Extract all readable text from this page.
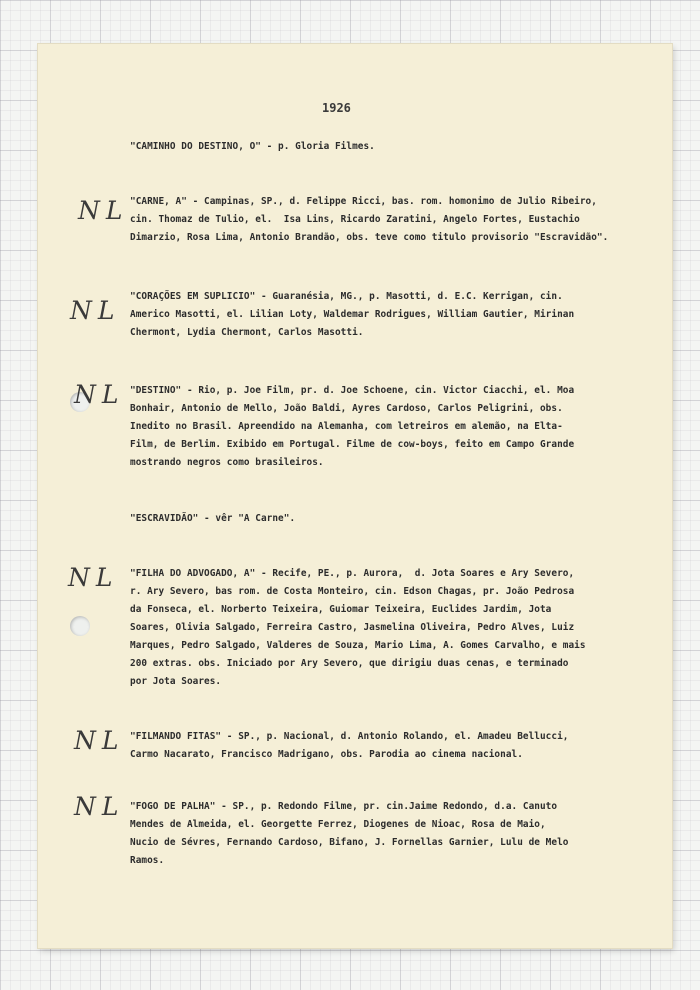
1926
NL
NL
NL
NL
NL
NL
"CAMINHO DO DESTINO, O" - p. Gloria Filmes.
"CARNE, A" - Campinas, SP., d. Felippe Ricci, bas. rom. homonimo de Julio Ribeiro,
cin. Thomaz de Tulio, el.  Isa Lins, Ricardo Zaratini, Angelo Fortes, Eustachio
Dimarzio, Rosa Lima, Antonio Brandão, obs. teve como titulo provisorio "Escravidão".
"CORAÇÕES EM SUPLICIO" - Guaranésia, MG., p. Masotti, d. E.C. Kerrigan, cin.
Americo Masotti, el. Lilian Loty, Waldemar Rodrigues, William Gautier, Mirinan
Chermont, Lydia Chermont, Carlos Masotti.
"DESTINO" - Rio, p. Joe Film, pr. d. Joe Schoene, cin. Victor Ciacchi, el. Moa
Bonhair, Antonio de Mello, João Baldi, Ayres Cardoso, Carlos Peligrini, obs.
Inedito no Brasil. Apreendido na Alemanha, com letreiros em alemão, na Elta-
Film, de Berlim. Exibido em Portugal. Filme de cow-boys, feito em Campo Grande
mostrando negros como brasileiros.
"ESCRAVIDÃO" - vêr "A Carne".
"FILHA DO ADVOGADO, A" - Recife, PE., p. Aurora,  d. Jota Soares e Ary Severo,
r. Ary Severo, bas rom. de Costa Monteiro, cin. Edson Chagas, pr. João Pedrosa
da Fonseca, el. Norberto Teixeira, Guiomar Teixeira, Euclides Jardim, Jota
Soares, Olivia Salgado, Ferreira Castro, Jasmelina Oliveira, Pedro Alves, Luiz
Marques, Pedro Salgado, Valderes de Souza, Mario Lima, A. Gomes Carvalho, e mais
200 extras. obs. Iniciado por Ary Severo, que dirigiu duas cenas, e terminado
por Jota Soares.
"FILMANDO FITAS" - SP., p. Nacional, d. Antonio Rolando, el. Amadeu Bellucci,
Carmo Nacarato, Francisco Madrigano, obs. Parodia ao cinema nacional.
"FOGO DE PALHA" - SP., p. Redondo Filme, pr. cin.Jaime Redondo, d.a. Canuto
Mendes de Almeida, el. Georgette Ferrez, Diogenes de Nioac, Rosa de Maio,
Nucio de Sévres, Fernando Cardoso, Bifano, J. Fornellas Garnier, Lulu de Melo
Ramos.
